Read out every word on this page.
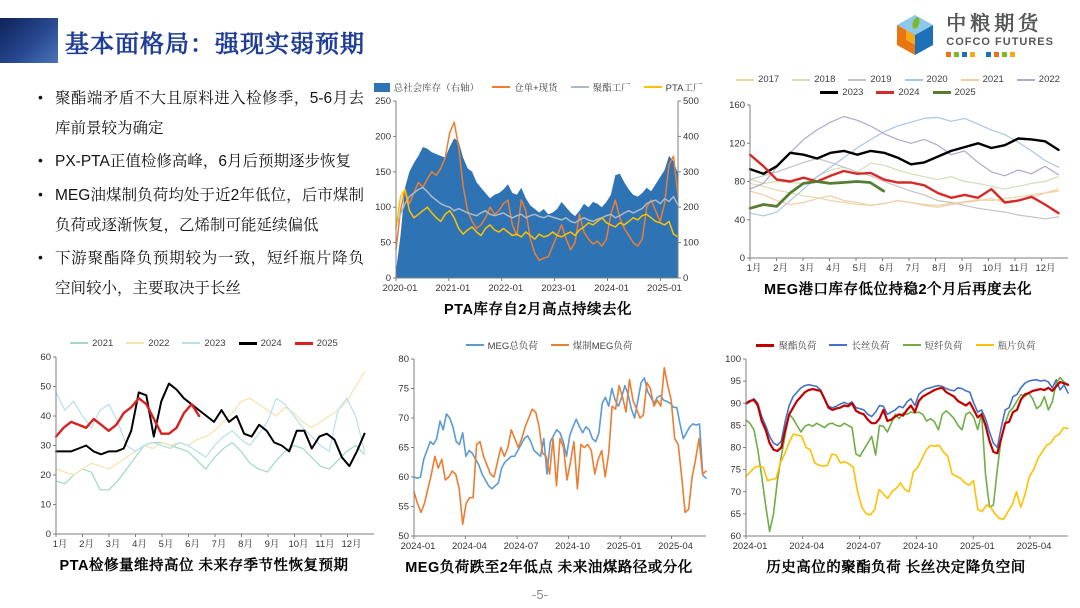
基本面格局：强现实弱预期
中粮期货
COFCO FUTURES
• 聚酯端矛盾不大且原料进入检修季，5-6月去库前景较为确定
• PX-PTA正值检修高峰，6月后预期逐步恢复
• MEG油煤制负荷均处于近2年低位，后市煤制负荷或逐渐恢复，乙烯制可能延续偏低
• 下游聚酯降负预期较为一致，短纤瓶片降负空间较小，主要取决于长丝
总社会库存（右轴）	仓单+现货	聚酯工厂	PTA工厂
0
50
100
150
200
250
0
100
200
300
400
500
2020-01 2021-01 2022-01 2023-01 2024-01 2025-01
PTA库存自2月高点持续去化
2017	2018	2019	2020	2021	2022
2023	2024	2025
0
40
80
120
160
1月 2月 3月 4月 5月 6月 7月 8月 9月 10月 11月 12月
MEG港口库存低位持稳2个月后再度去化
2021	2022	2023	2024	2025
0
10
20
30
40
50
60
1月 2月 3月 4月 5月 6月 7月 8月 9月 10月 11月 12月
PTA检修量维持高位 未来存季节性恢复预期
MEG总负荷	煤制MEG负荷
50
55
60
65
70
75
80
2024-01 2024-04 2024-07 2024-10 2025-01 2025-04
MEG负荷跌至2年低点 未来油煤路径或分化
聚酯负荷	长丝负荷	短纤负荷	瓶片负荷
60
65
70
75
80
85
90
95
100
2024-01 2024-04 2024-07 2024-10 2025-01 2025-04
历史高位的聚酯负荷 长丝决定降负空间
-5-
